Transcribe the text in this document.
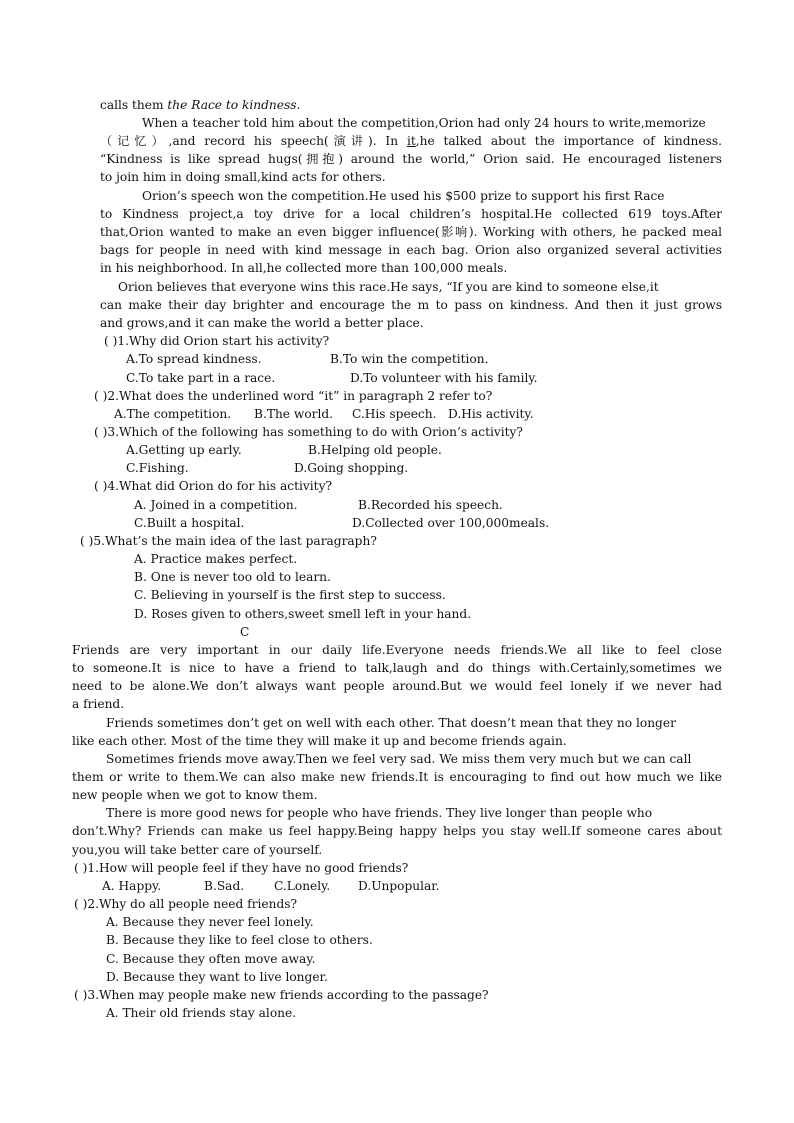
calls them the Race to kindness.
When a teacher told him about the competition,Orion had only 24 hours to write,memorize
（记忆）,and record his speech(演讲). In it,he talked about the importance of kindness.
“Kindness is like spread hugs(拥抱) around the world,” Orion said. He encouraged listeners
to join him in doing small,kind acts for others.
Orion’s speech won the competition.He used his $500 prize to support his first Race
to Kindness project,a toy drive for a local children’s hospital.He collected 619 toys.After
that,Orion wanted to make an even bigger influence(影响). Working with others, he packed meal
bags for people in need with kind message in each bag. Orion also organized several activities
in his neighborhood. In all,he collected more than 100,000 meals.
Orion believes that everyone wins this race.He says, “If you are kind to someone else,it
can make their day brighter and encourage the m to pass on kindness. And then it just grows
and grows,and it can make the world a better place.
( )1.Why did Orion start his activity?
A.To spread kindness.	B.To win the competition.
C.To take part in a race.	D.To volunteer with his family.
( )2.What does the underlined word “it” in paragraph 2 refer to?
A.The competition. B.The world. C.His speech. D.His activity.
( )3.Which of the following has something to do with Orion’s activity?
A.Getting up early.	B.Helping old people.
C.Fishing.	D.Going shopping.
( )4.What did Orion do for his activity?
A. Joined in a competition.	B.Recorded his speech.
C.Built a hospital.	D.Collected over 100,000meals.
( )5.What’s the main idea of the last paragraph?
A. Practice makes perfect.
B. One is never too old to learn.
C. Believing in yourself is the first step to success.
D. Roses given to others,sweet smell left in your hand.
C
Friends are very important in our daily life.Everyone needs friends.We all like to feel close
to someone.It is nice to have a friend to talk,laugh and do things with.Certainly,sometimes we
need to be alone.We don’t always want people around.But we would feel lonely if we never had
a friend.
Friends sometimes don’t get on well with each other. That doesn’t mean that they no longer
like each other. Most of the time they will make it up and become friends again.
Sometimes friends move away.Then we feel very sad. We miss them very much but we can call
them or write to them.We can also make new friends.It is encouraging to find out how much we like
new people when we got to know them.
There is more good news for people who have friends. They live longer than people who
don’t.Why? Friends can make us feel happy.Being happy helps you stay well.If someone cares about
you,you will take better care of yourself.
( )1.How will people feel if they have no good friends?
A. Happy.	B.Sad. C.Lonely. D.Unpopular.
( )2.Why do all people need friends?
A. Because they never feel lonely.
B. Because they like to feel close to others.
C. Because they often move away.
D. Because they want to live longer.
( )3.When may people make new friends according to the passage?
A. Their old friends stay alone.
